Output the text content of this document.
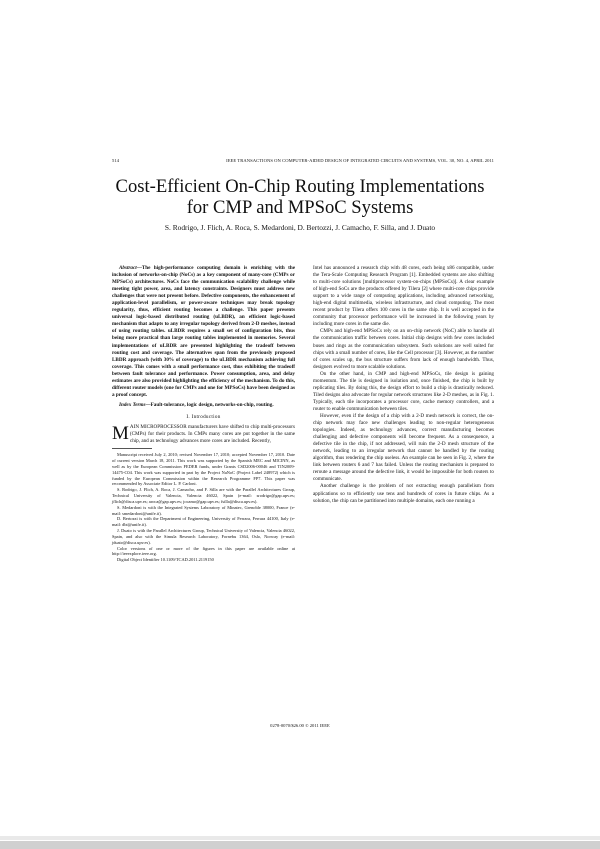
514	IEEE TRANSACTIONS ON COMPUTER-AIDED DESIGN OF INTEGRATED CIRCUITS AND SYSTEMS, VOL. 30, NO. 4, APRIL 2011
Cost-Efficient On-Chip Routing Implementations
for CMP and MPSoC Systems
S. Rodrigo, J. Flich, A. Roca, S. Medardoni, D. Bertozzi, J. Camacho, F. Silla, and J. Duato

Abstract—The high-performance computing domain is enriching with the inclusion of networks-on-chip (NoCs) as a key component of many-core (CMPs or MPSoCs) architectures. NoCs face the communication scalability challenge while meeting tight power, area, and latency constraints. Designers must address new challenges that were not present before. Defective components, the enhancement of application-level parallelism, or power-aware techniques may break topology regularity, thus, efficient routing becomes a challenge. This paper presents universal logic-based distributed routing (uLBDR), an efficient logic-based mechanism that adapts to any irregular topology derived from 2-D meshes, instead of using routing tables. uLBDR requires a small set of configuration bits, thus being more practical than large routing tables implemented in memories. Several implementations of uLBDR are presented highlighting the tradeoff between routing cost and coverage. The alternatives span from the previously proposed LBDR approach (with 30% of coverage) to the uLBDR mechanism achieving full coverage. This comes with a small performance cost, thus exhibiting the tradeoff between fault tolerance and performance. Power consumption, area, and delay estimates are also provided highlighting the efficiency of the mechanism. To do this, different router models (one for CMPs and one for MPSoCs) have been designed as a proof concept.

Index Terms—Fault-tolerance, logic design, networks-on-chip, routing.

I. Introduction

MAIN MICROPROCESSOR manufacturers have shifted to chip multi-processors (CMPs) for their products. In CMPs many cores are put together in the same chip, and as technology advances more cores are included. Recently,

Manuscript received July 2, 2010; revised November 17, 2010; accepted November 17, 2010. Date of current version March 18, 2011. This work was supported by the Spanish MEC and MICINN, as well as by the European Commission FEDER funds, under Grants CSD2006-00046 and TIN2009-14475-C04. This work was supported in part by the Project NaNoC (Project Label 248972) which is funded by the European Commission within the Research Programme FP7. This paper was recommended by Associate Editor L. P. Carloni.

S. Rodrigo, J. Flich, A. Roca, J. Camacho, and F. Silla are with the Parallel Architectures Group, Technical University of Valencia, Valencia 46022, Spain (e-mail: srodrigo@gap.upv.es; jflich@disca.upv.es; aroca@gap.upv.es; jocamo@gap.upv.es; fsilla@disca.upv.es).

S. Medardoni is with the Integrated Systems Laboratory of Minatec, Grenoble 38000, France (e-mail: smedardoni@unife.it).

D. Bertozzi is with the Department of Engineering, University of Ferrara, Ferrara 44100, Italy (e-mail: dbt@unife.it).

J. Duato is with the Parallel Architectures Group, Technical University of Valencia, Valencia 46022, Spain, and also with the Simula Research Laboratory, Fornebu 1364, Oslo, Norway (e-mail: jduato@disca.upv.es).

Color versions of one or more of the figures in this paper are available online at http://ieeexplore.ieee.org.

Digital Object Identifier 10.1109/TCAD.2011.2119150

Intel has announced a research chip with 48 cores, each being x86 compatible, under the Tera-Scale Computing Research Program [1]. Embedded systems are also shifting to multi-core solutions [multiprocessor system-on-chips (MPSoCs)]. A clear example of high-end SoCs are the products offered by Tilera [2] where multi-core chips provide support to a wide range of computing applications, including advanced networking, high-end digital multimedia, wireless infrastructure, and cloud computing. The most recent product by Tilera offers 100 cores in the same chip. It is well accepted in the community that processor performance will be increased in the following years by including more cores in the same die.

CMPs and high-end MPSoCs rely on an on-chip network (NoC) able to handle all the communication traffic between cores. Initial chip designs with few cores included buses and rings as the communication subsystem. Such solutions are well suited for chips with a small number of cores, like the Cell processor [3]. However, as the number of cores scales up, the bus structure suffers from lack of enough bandwidth. Thus, designers evolved to more scalable solutions.

On the other hand, in CMP and high-end MPSoCs, tile design is gaining momentum. The tile is designed in isolation and, once finished, the chip is built by replicating tiles. By doing this, the design effort to build a chip is drastically reduced. Tiled designs also advocate for regular network structures like 2-D meshes, as in Fig. 1. Typically, each tile incorporates a processor core, cache memory controllers, and a router to enable communication between tiles.

However, even if the design of a chip with a 2-D mesh network is correct, the on-chip network may face new challenges leading to non-regular heterogeneous topologies. Indeed, as technology advances, correct manufacturing becomes challenging and defective components will become frequent. As a consequence, a defective tile in the chip, if not addressed, will ruin the 2-D mesh structure of the network, leading to an irregular network that cannot be handled by the routing algorithm, thus rendering the chip useless. An example can be seen in Fig. 2, where the link between routers 6 and 7 has failed. Unless the routing mechanism is prepared to reroute a message around the defective link, it would be impossible for both routers to communicate.

Another challenge is the problem of not extracting enough parallelism from applications so to efficiently use tens and hundreds of cores in future chips. As a solution, the chip can be partitioned into multiple domains, each one running a

0278-0070/$26.00 © 2011 IEEE
